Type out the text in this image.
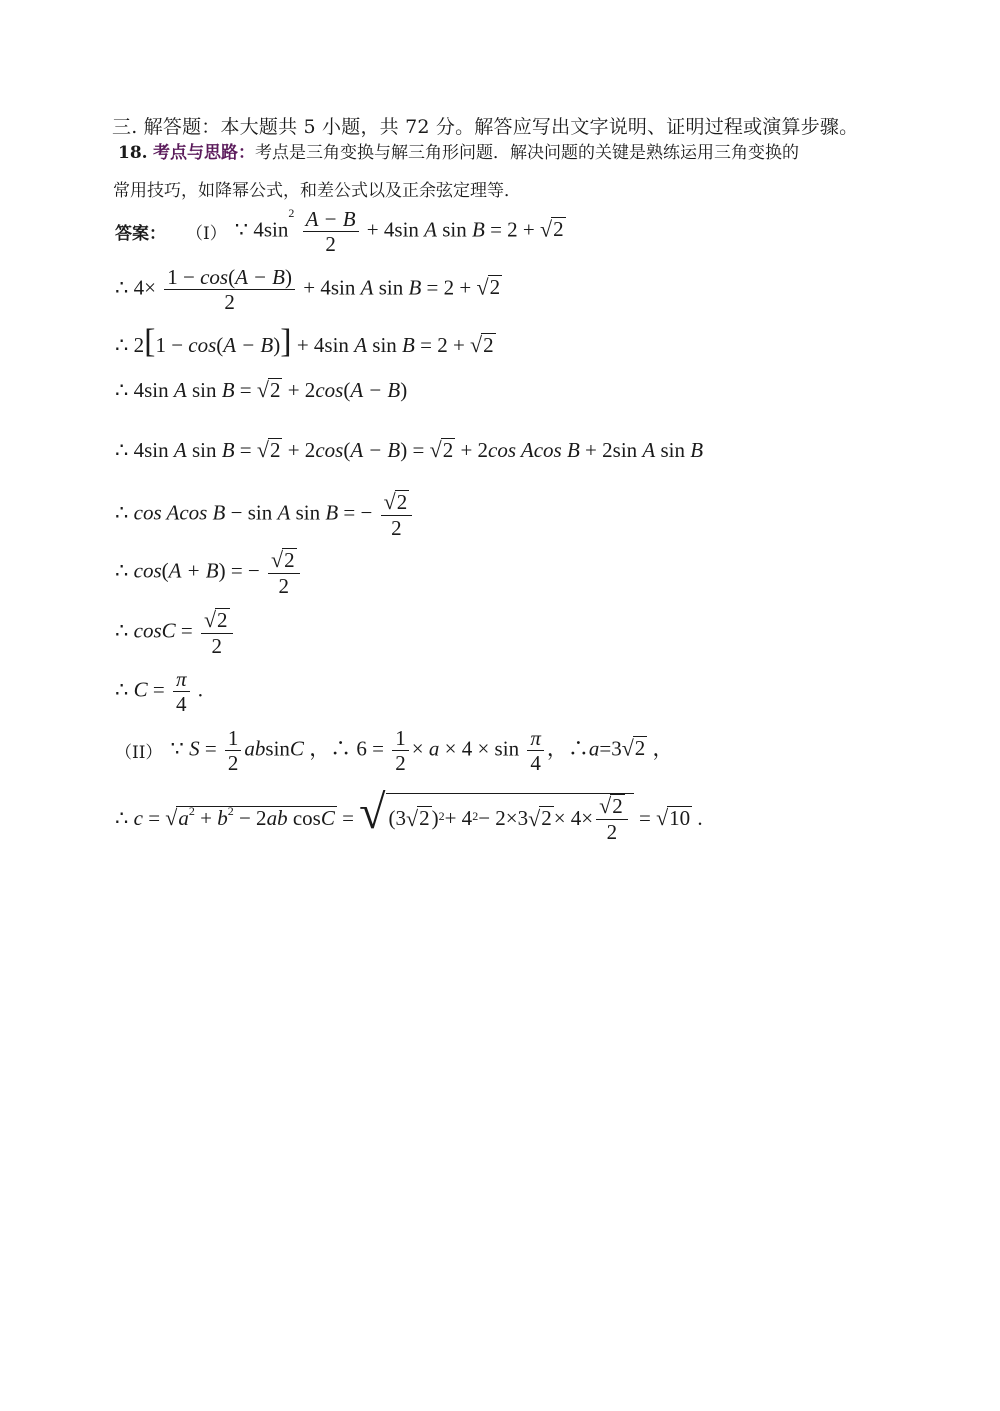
三. 解答题：本大题共 5 小题，共 72 分。解答应写出文字说明、证明过程或演算步骤。
18. 考点与思路：考点是三角变换与解三角形问题．解决问题的关键是熟练运用三角变换的
常用技巧，如降幂公式，和差公式以及正余弦定理等．
答案： （I） ∵ $4\sin^2 \frac{A - B}{2} + 4\sin$ A sin B = 2 + √2
∴ $4\times \frac{1 - \cos(A - B)}{2} + 4\sin$ A sin B = 2 + √2
∴ 2[1 − cos(A − B)] + 4sin A sin B = 2 + √2
∴ 4sin A sin B = √2 + 2cos(A − B)
∴ 4sin A sin B = √2 + 2cos(A − B) = √2 + 2cos Acos B + 2sin A sin B
∴ cos Acos B − sin A sin B = − $\frac{√2}{2}$
∴ cos(A + B) = − $\frac{√2}{2}$
∴ $\cos C = \frac{√2}{2}$
∴ $C = \frac{\pi}{4}$ .
（II） ∵ $S = \frac{1}{2}$ absinC ，∴ $6 = \frac{1}{2} \times a \times 4 \times \sin \frac{\pi}{4}$ ，∴a=3√2 ，
∴ $c = √a^2 + b^2 - 2ab$ cosC = √ (3 √ 2 )$^2 + 4^2 - 2\times 3$ √ $2 \times 4\times \frac{√2}{2} = √10$ .
